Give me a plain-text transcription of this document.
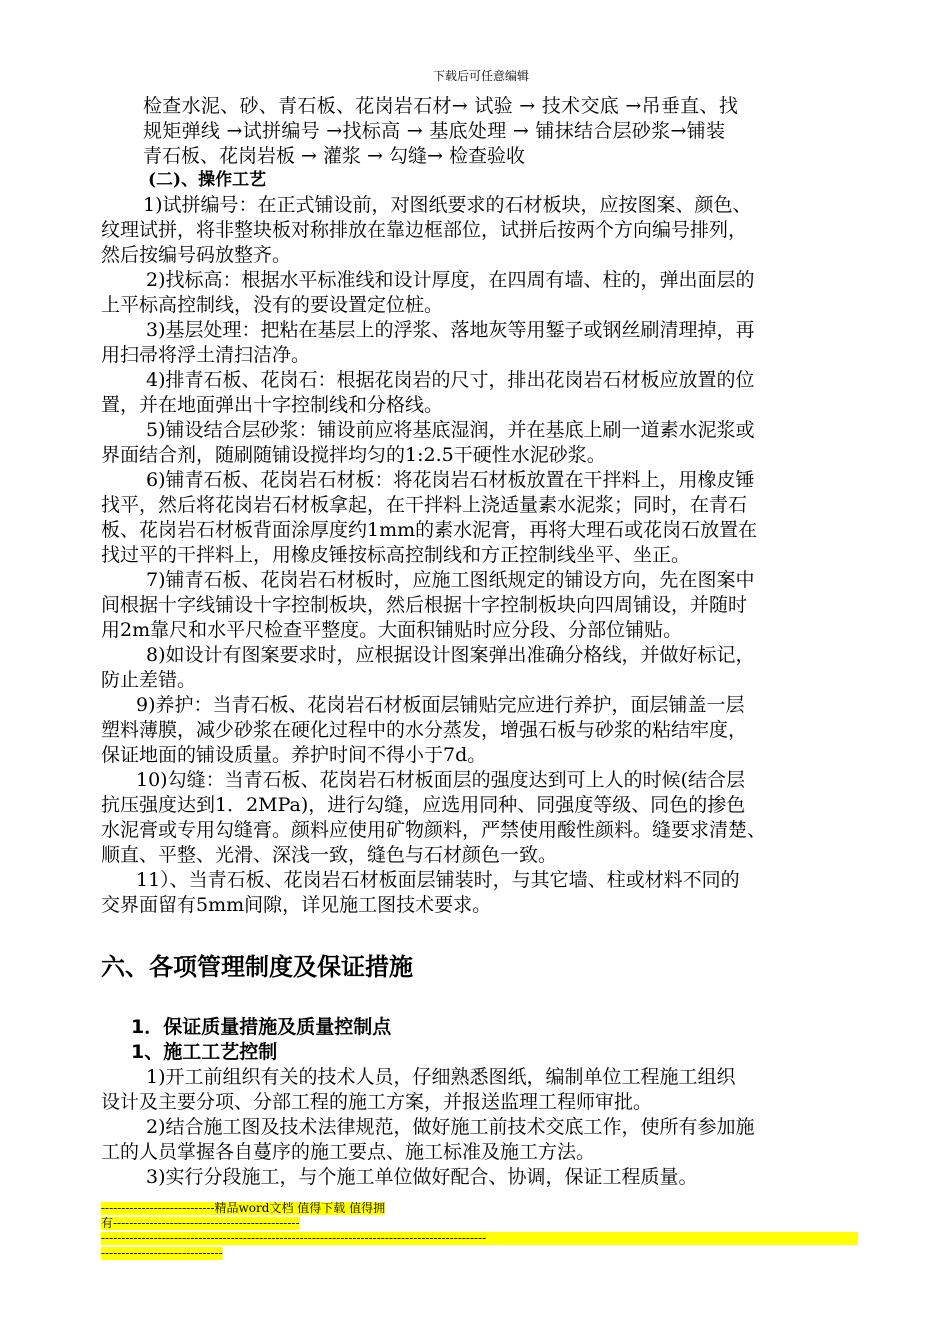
下载后可任意编辑
检查水泥、砂、青石板、花岗岩石材→ 试验 → 技术交底 →吊垂直、找
规矩弹线 →试拼编号 →找标高 → 基底处理 → 铺抹结合层砂浆→铺装
青石板、花岗岩板 → 灌浆 → 勾缝→ 检查验收
(二)、操作工艺
1)试拼编号：在正式铺设前，对图纸要求的石材板块，应按图案、颜色、
纹理试拼，将非整块板对称排放在靠边框部位，试拼后按两个方向编号排列，
然后按编号码放整齐。
2)找标高：根据水平标准线和设计厚度，在四周有墙、柱的，弹出面层的
上平标高控制线，没有的要设置定位桩。
3)基层处理：把粘在基层上的浮浆、落地灰等用錾子或钢丝刷清理掉，再
用扫帚将浮土清扫洁净。
4)排青石板、花岗石：根据花岗岩的尺寸，排出花岗岩石材板应放置的位
置，并在地面弹出十字控制线和分格线。
5)铺设结合层砂浆：铺设前应将基底湿润，并在基底上刷一道素水泥浆或
界面结合剂，随刷随铺设搅拌均匀的1:2.5干硬性水泥砂浆。
6)铺青石板、花岗岩石材板：将花岗岩石材板放置在干拌料上，用橡皮锤
找平，然后将花岗岩石材板拿起，在干拌料上浇适量素水泥浆；同时，在青石
板、花岗岩石材板背面涂厚度约1mm的素水泥膏，再将大理石或花岗石放置在
找过平的干拌料上，用橡皮锤按标高控制线和方正控制线坐平、坐正。
7)铺青石板、花岗岩石材板时，应施工图纸规定的铺设方向，先在图案中
间根据十字线铺设十字控制板块，然后根据十字控制板块向四周铺设，并随时
用2m靠尺和水平尺检查平整度。大面积铺贴时应分段、分部位铺贴。
8)如设计有图案要求时，应根据设计图案弹出准确分格线，并做好标记，
防止差错。
9)养护：当青石板、花岗岩石材板面层铺贴完应进行养护，面层铺盖一层
塑料薄膜，减少砂浆在硬化过程中的水分蒸发，增强石板与砂浆的粘结牢度，
保证地面的铺设质量。养护时间不得小于7d。
10)勾缝：当青石板、花岗岩石材板面层的强度达到可上人的时候(结合层
抗压强度达到1．2MPa)，进行勾缝，应选用同种、同强度等级、同色的掺色
水泥膏或专用勾缝膏。颜料应使用矿物颜料，严禁使用酸性颜料。缝要求清楚、
顺直、平整、光滑、深浅一致，缝色与石材颜色一致。
11）、当青石板、花岗岩石材板面层铺装时，与其它墙、柱或材料不同的
交界面留有5mm间隙，详见施工图技术要求。
六、各项管理制度及保证措施
1．保证质量措施及质量控制点
1、施工工艺控制
1)开工前组织有关的技术人员，仔细熟悉图纸，编制单位工程施工组织
设计及主要分项、分部工程的施工方案，并报送监理工程师审批。
2)结合施工图及技术法律规范，做好施工前技术交底工作，使所有参加施
工的人员掌握各自蔓序的施工要点、施工标准及施工方法。
3)实行分段施工，与个施工单位做好配合、协调，保证工程质量。
----------------------------精品word文档 值得下载 值得拥
有----------------------------------------------
-----------------------------------------------------------------------------------------------
------------------------------
